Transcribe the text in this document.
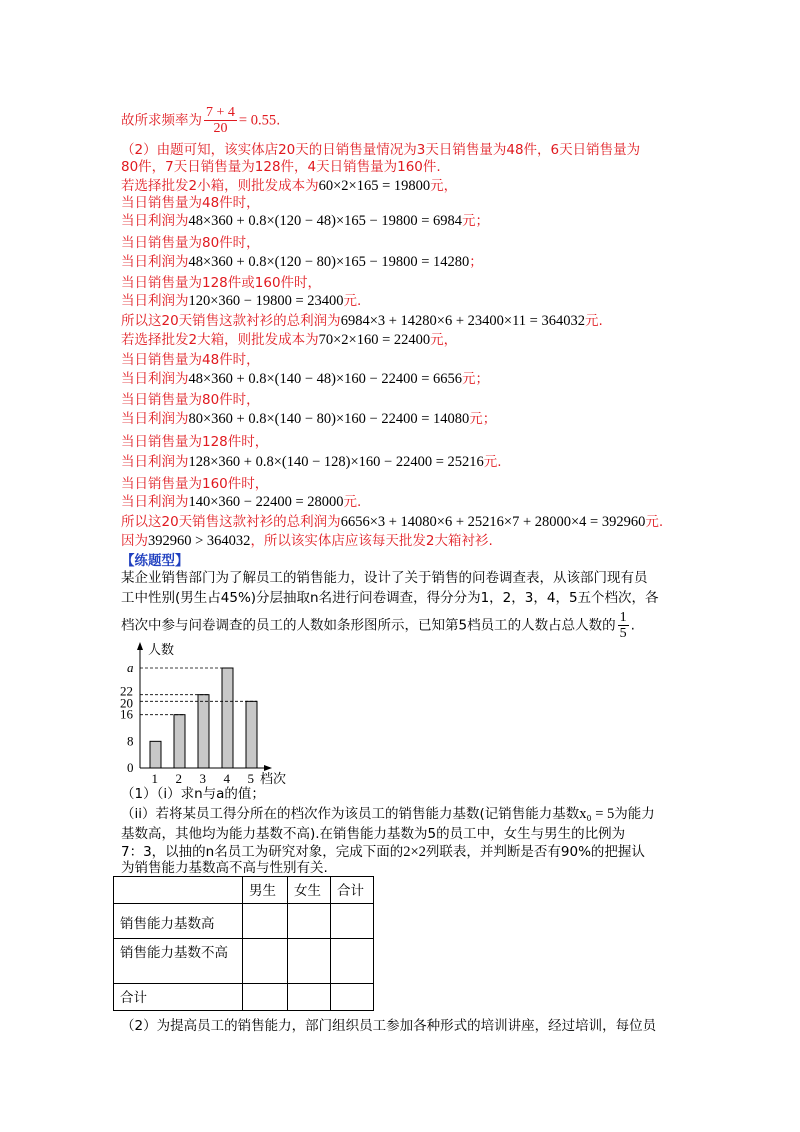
故所求频率为 $\frac{7 + 4}{20} = 0.55$.
（2）由题可知，该实体店20天的日销售量情况为3天日销售量为48件，6天日销售量为
80件，7天日销售量为128件，4天日销售量为160件.
若选择批发2小箱，则批发成本为60×2×165 = 19800元，
当日销售量为48件时，
当日利润为48×360 + 0.8×(120 − 48)×165 − 19800 = 6984元；
当日销售量为80件时，
当日利润为48×360 + 0.8×(120 − 80)×165 − 19800 = 14280；
当日销售量为128件或160件时，
当日利润为120×360 − 19800 = 23400元.
所以这20天销售这款衬衫的总利润为6984×3 + 14280×6 + 23400×11 = 364032元.
若选择批发2大箱，则批发成本为70×2×160 = 22400元，
当日销售量为48件时，
当日利润为48×360 + 0.8×(140 − 48)×160 − 22400 = 6656元；
当日销售量为80件时，
当日利润为80×360 + 0.8×(140 − 80)×160 − 22400 = 14080元；
当日销售量为128件时，
当日利润为128×360 + 0.8×(140 − 128)×160 − 22400 = 25216元.
当日销售量为160件时，
当日利润为140×360 − 22400 = 28000元.
所以这20天销售这款衬衫的总利润为6656×3 + 14080×6 + 25216×7 + 28000×4 = 392960元.
因为392960 > 364032，所以该实体店应该每天批发2大箱衬衫.
【练题型】
某企业销售部门为了解员工的销售能力，设计了关于销售的问卷调查表，从该部门现有员
工中性别(男生占45%)分层抽取n名进行问卷调查，得分分为1，2，3，4，5五个档次，各
档次中参与问卷调查的员工的人数如条形图所示，已知第5档员工的人数占总人数的 $\frac{1}{5}$ .
人数
档次
1 2 3 4 5
0
8
16
20
22
a
（1）（i）求n与a的值；
（ii）若将某员工得分所在的档次作为该员工的销售能力基数(记销售能力基数x₀ = 5为能力
基数高，其他均为能力基数不高).在销售能力基数为5的员工中，女生与男生的比例为
7：3，以抽的n名员工为研究对象，完成下面的2×2列联表，并判断是否有90%的把握认
为销售能力基数高不高与性别有关.
	男生	女生	合计
销售能力基数高			
销售能力基数不高			
合计			
（2）为提高员工的销售能力，部门组织员工参加各种形式的培训讲座，经过培训，每位员
